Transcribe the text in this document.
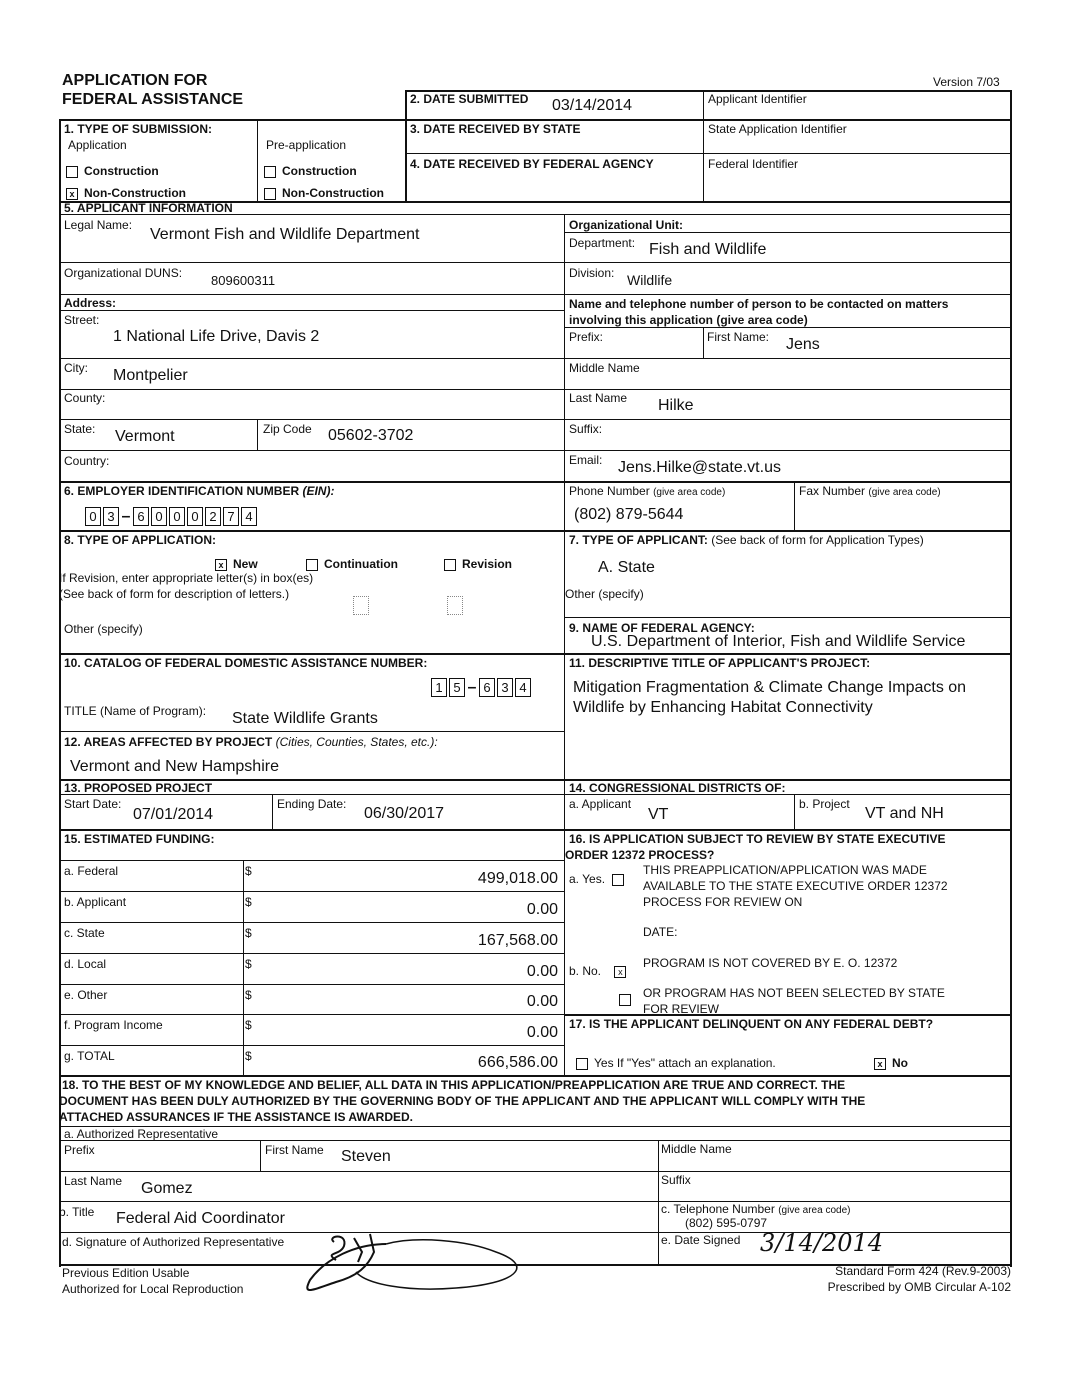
APPLICATION FOR
FEDERAL ASSISTANCE
Version 7/03
2. DATE SUBMITTED 03/14/2014	Applicant Identifier
3. DATE RECEIVED BY STATE	State Application Identifier
4. DATE RECEIVED BY FEDERAL AGENCY	Federal Identifier
1. TYPE OF SUBMISSION:
Application	Pre-application
Construction	Construction
x Non-Construction	Non-Construction
5. APPLICANT INFORMATION
Legal Name:
Vermont Fish and Wildlife Department
Organizational Unit:
Department: Fish and Wildlife
Organizational DUNS: 809600311	Division: Wildlife
Address:
Street:
1 National Life Drive, Davis 2
Name and telephone number of person to be contacted on matters
involving this application (give area code)
Prefix:	First Name: Jens
City: Montpelier	Middle Name
County:	Last Name Hilke
State: Vermont	Zip Code 05602-3702	Suffix:
Country:	Email: Jens.Hilke@state.vt.us
6. EMPLOYER IDENTIFICATION NUMBER (EIN):
0 3 – 6 0 0 0 2 7 4
Phone Number (give area code)
(802) 879-5644
Fax Number (give area code)
8. TYPE OF APPLICATION:
x New	Continuation	Revision
If Revision, enter appropriate letter(s) in box(es)
(See back of form for description of letters.)
Other (specify)
7. TYPE OF APPLICANT: (See back of form for Application Types)
A. State
Other (specify)
9. NAME OF FEDERAL AGENCY:
U.S. Department of Interior, Fish and Wildlife Service
10. CATALOG OF FEDERAL DOMESTIC ASSISTANCE NUMBER:
1 5 – 6 3 4
TITLE (Name of Program): State Wildlife Grants
11. DESCRIPTIVE TITLE OF APPLICANT'S PROJECT:
Mitigation Fragmentation & Climate Change Impacts on
Wildlife by Enhancing Habitat Connectivity
12. AREAS AFFECTED BY PROJECT (Cities, Counties, States, etc.):
Vermont and New Hampshire
13. PROPOSED PROJECT
Start Date:
07/01/2014
Ending Date:
06/30/2017
14. CONGRESSIONAL DISTRICTS OF:
a. Applicant
VT
b. Project
VT and NH
15. ESTIMATED FUNDING:
a. Federal	$	499,018.00
b. Applicant	$	0.00
c. State	$	167,568.00
d. Local	$	0.00
e. Other	$	0.00
f. Program Income	$	0.00
g. TOTAL	$	666,586.00
16. IS APPLICATION SUBJECT TO REVIEW BY STATE EXECUTIVE
ORDER 12372 PROCESS?
a. Yes.
THIS PREAPPLICATION/APPLICATION WAS MADE
AVAILABLE TO THE STATE EXECUTIVE ORDER 12372
PROCESS FOR REVIEW ON
DATE:
b. No. x
PROGRAM IS NOT COVERED BY E. O. 12372
OR PROGRAM HAS NOT BEEN SELECTED BY STATE
FOR REVIEW
17. IS THE APPLICANT DELINQUENT ON ANY FEDERAL DEBT?
Yes If "Yes" attach an explanation.	x No
18. TO THE BEST OF MY KNOWLEDGE AND BELIEF, ALL DATA IN THIS APPLICATION/PREAPPLICATION ARE TRUE AND CORRECT. THE
DOCUMENT HAS BEEN DULY AUTHORIZED BY THE GOVERNING BODY OF THE APPLICANT AND THE APPLICANT WILL COMPLY WITH THE
ATTACHED ASSURANCES IF THE ASSISTANCE IS AWARDED.
a. Authorized Representative
Prefix	First Name Steven	Middle Name
Last Name Gomez	Suffix
b. Title Federal Aid Coordinator
c. Telephone Number (give area code)
(802) 595-0797
d. Signature of Authorized Representative	e. Date Signed 3/14/2014
Previous Edition Usable
Authorized for Local Reproduction
Standard Form 424 (Rev.9-2003)
Prescribed by OMB Circular A-102
